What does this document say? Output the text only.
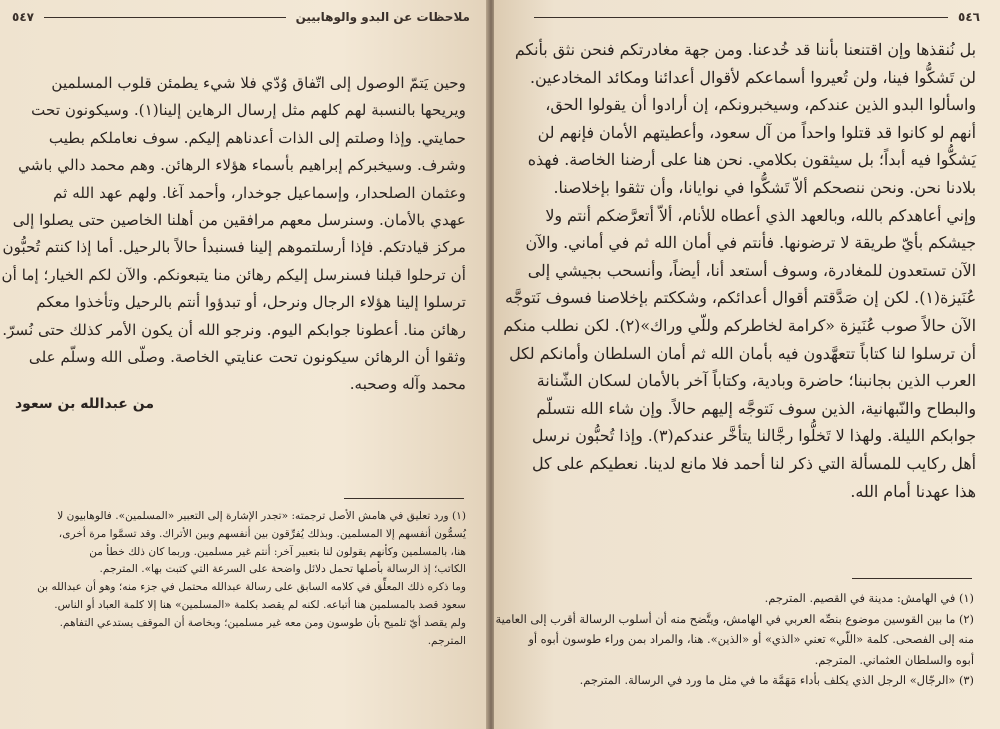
ملاحظات عن البدو والوهابيين
٥٤٧

وحين يَتمّ الوصول إلى اتّفاق وُدّي فلا شيء يطمئن قلوب المسلمين

ويريحها بالنسبة لهم كلهم مثل إرسال الرهاين إلينا(١). وسيكونون تحت

حمايتي. وإذا وصلتم إلى الذات أعدناهم إليكم. سوف نعاملكم بطيب

وشرف. وسيخبركم إبراهيم بأسماء هؤلاء الرهائن. وهم محمد دالي باشي

وعثمان الصلحدار، وإسماعيل جوخدار، وأحمد آغا. ولهم عهد الله ثم

عهدي بالأمان. وسنرسل معهم مرافقين من أهلنا الخاصين حتى يصلوا إلى

مركز قيادتكم. فإذا أرسلتموهم إلينا فسنبدأ حالاً بالرحيل. أما إذا كنتم تُحبُّون

أن ترحلوا قبلنا فسنرسل إليكم رهائن منا يتبعونكم. والآن لكم الخيار؛ إما أن

ترسلوا إلينا هؤلاء الرجال ونرحل، أو تبدؤوا أنتم بالرحيل وتأخذوا معكم

رهائن منا. أعطونا جوابكم اليوم. ونرجو الله أن يكون الأمر كذلك حتى نُسرّ.

وثقوا أن الرهائن سيكونون تحت عنايتي الخاصة. وصلّى الله وسلّم على

محمد وآله وصحبه.

من عبدالله بن سعود

(١) ورد تعليق في هامش الأصل ترجمته: «تجدر الإشارة إلى التعبير «المسلمين». فالوهابيون لا

يُسمُّون أنفسهم إلا المسلمين. وبذلك يُفرِّقون بين أنفسهم وبين الأتراك. وقد تسمَّوا مرة أخرى،

هنا، بالمسلمين وكأنهم يقولون لنا بتعبير آخر: أنتم غير مسلمين. وربما كان ذلك خطأ من

الكاتب؛ إذ الرسالة بأصلها تحمل دلائل واضحة على السرعة التي كتبت بها». المترجم.

وما ذكره ذلك المعلِّق في كلامه السابق على رسالة عبدالله محتمل في جزء منه؛ وهو أن عبدالله بن

سعود قصد بالمسلمين هنا أتباعه. لكنه لم يقصد بكلمة «المسلمين» هنا إلا كلمة العباد أو الناس.

ولم يقصد أيّ تلميح بأن طوسون ومن معه غير مسلمين؛ وبخاصة أن الموقف يستدعي التفاهم.

المترجم.

٥٤٦

بل نُنقذها وإن اقتنعنا بأننا قد خُدعنا. ومن جهة مغادرتكم فنحن نثق بأنكم

لن تَشكُّوا فينا، ولن تُعيروا أسماعكم لأقوال أعدائنا ومكائد المخادعين.

واسألوا البدو الذين عندكم، وسيخبرونكم، إن أرادوا أن يقولوا الحق،

أنهم لو كانوا قد قتلوا واحداً من آل سعود، وأعطيتهم الأمان فإنهم لن

يَشكُّوا فيه أبداً؛ بل سيثقون بكلامي. نحن هنا على أرضنا الخاصة. فهذه

بلادنا نحن. ونحن ننصحكم ألاّ تَشكُّوا في نوايانا، وأن تثقوا بإخلاصنا.

وإني أعاهدكم بالله، وبالعهد الذي أعطاه للأنام، ألاّ أتعرَّضكم أنتم ولا

جيشكم بأيّ طريقة لا ترضونها. فأنتم في أمان الله ثم في أماني. والآن

الآن تستعدون للمغادرة، وسوف أستعد أنا، أيضاً، وأنسحب بجيشي إلى

عُنَيزة(١). لكن إن صَدَّقتم أقوال أعدائكم، وشككتم بإخلاصنا فسوف نَتوجَّه

الآن حالاً صوب عُنَيزة «كرامة لخاطركم وللّي وراك»(٢). لكن نطلب منكم

أن ترسلوا لنا كتاباً تتعهَّدون فيه بأمان الله ثم أمان السلطان وأمانكم لكل

العرب الذين بجانبنا؛ حاضرة وبادية، وكتاباً آخر بالأمان لسكان الشّنانة

والبطاح والنّبهانية، الذين سوف نَتوجَّه إليهم حالاً. وإن شاء الله نتسلّم

جوابكم الليلة. ولهذا لا تَخلُّوا رجَّالنا يتأخَّر عندكم(٣). وإذا تُحبُّون نرسل

أهل ركايب للمسألة التي ذكر لنا أحمد فلا مانع لدينا. نعطيكم على كل

هذا عهدنا أمام الله.

(١) في الهامش: مدينة في القصيم. المترجم.

(٢) ما بين القوسين موضوع بنصِّه العربي في الهامش، ويتَّضح منه أن أسلوب الرسالة أقرب إلى العامية

منه إلى الفصحى. كلمة «اللّي» تعني «الذي» أو «الذين». هنا، والمراد بمن وراء طوسون أبوه أو

أبوه والسلطان العثماني. المترجم.

(٣) «الرجّال» الرجل الذي يكلف بأداء مَهَمَّة ما في مثل ما ورد في الرسالة. المترجم.
